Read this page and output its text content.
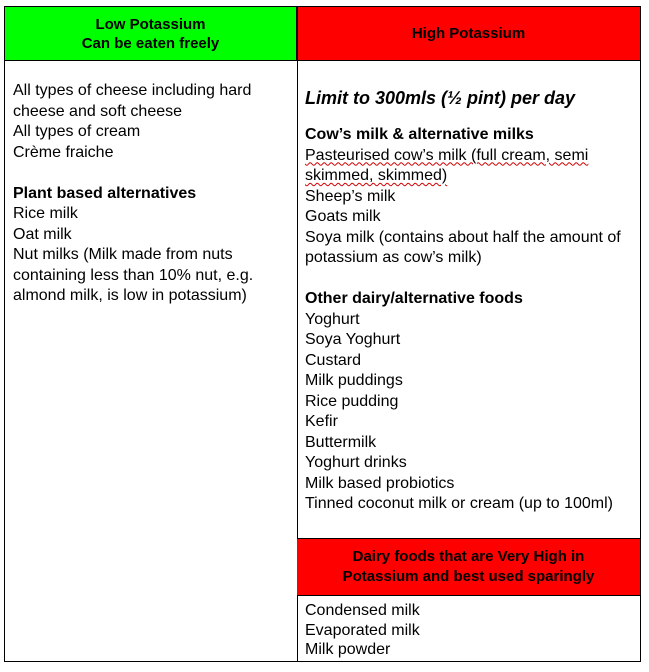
Low Potassium
Can be eaten freely
High Potassium

All types of cheese including hard cheese and soft cheese

All types of cream

Crème fraiche

Plant based alternatives

Rice milk

Oat milk

Nut milks (Milk made from nuts containing less than 10% nut, e.g. almond milk, is low in potassium)

Limit to 300mls (½ pint) per day

Cow’s milk & alternative milks

Pasteurised cow’s milk (full cream, semi skimmed, skimmed)

Sheep’s milk

Goats milk

Soya milk (contains about half the amount of potassium as cow’s milk)

Other dairy/alternative foods

Yoghurt

Soya Yoghurt

Custard

Milk puddings

Rice pudding

Kefir

Buttermilk

Yoghurt drinks

Milk based probiotics

Tinned coconut milk or cream (up to 100ml)

Dairy foods that are Very High in
Potassium and best used sparingly

Condensed milk

Evaporated milk

Milk powder
